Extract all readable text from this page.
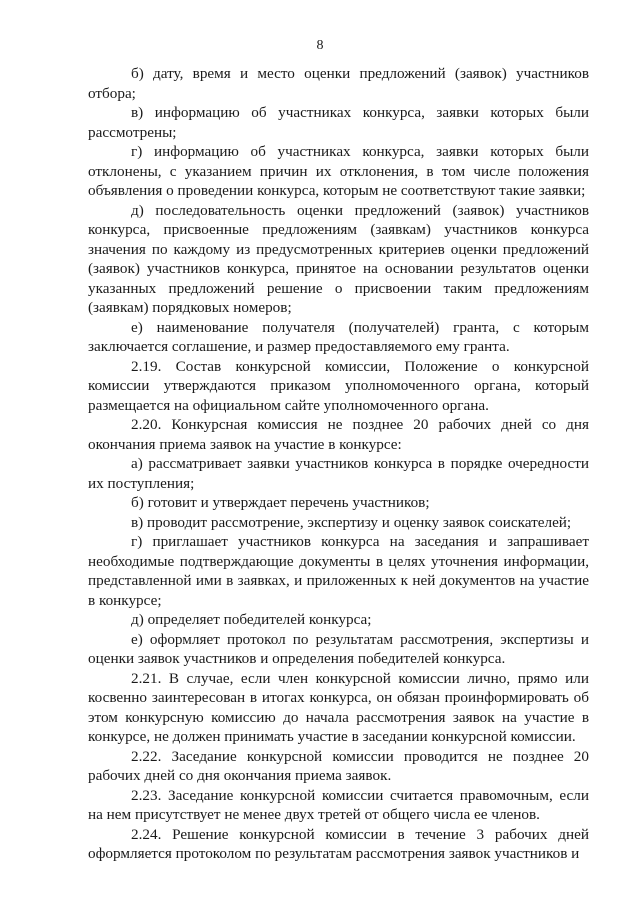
8

б) дату, время и место оценки предложений (заявок) участников отбора;

в) информацию об участниках конкурса, заявки которых были рассмотрены;

г) информацию об участниках конкурса, заявки которых были отклонены, с указанием причин их отклонения, в том числе положения объявления о проведении конкурса, которым не соответствуют такие заявки;

д) последовательность оценки предложений (заявок) участников конкурса, присвоенные предложениям (заявкам) участников конкурса значения по каждому из предусмотренных критериев оценки предложений (заявок) участников конкурса, принятое на основании результатов оценки указанных предложений решение о присвоении таким предложениям (заявкам) порядковых номеров;

е) наименование получателя (получателей) гранта, с которым заключается соглашение, и размер предоставляемого ему гранта.

2.19. Состав конкурсной комиссии, Положение о конкурсной комиссии утверждаются приказом уполномоченного органа, который размещается на официальном сайте уполномоченного органа.

2.20. Конкурсная комиссия не позднее 20 рабочих дней со дня окончания приема заявок на участие в конкурсе:

а) рассматривает заявки участников конкурса в порядке очередности их поступления;

б) готовит и утверждает перечень участников;

в) проводит рассмотрение, экспертизу и оценку заявок соискателей;

г) приглашает участников конкурса на заседания и запрашивает необходимые подтверждающие документы в целях уточнения информации, представленной ими в заявках, и приложенных к ней документов на участие в конкурсе;

д) определяет победителей конкурса;

е) оформляет протокол по результатам рассмотрения, экспертизы и оценки заявок участников и определения победителей конкурса.

2.21. В случае, если член конкурсной комиссии лично, прямо или косвенно заинтересован в итогах конкурса, он обязан проинформировать об этом конкурсную комиссию до начала рассмотрения заявок на участие в конкурсе, не должен принимать участие в заседании конкурсной комиссии.

2.22. Заседание конкурсной комиссии проводится не позднее 20 рабочих дней со дня окончания приема заявок.

2.23. Заседание конкурсной комиссии считается правомочным, если на нем присутствует не менее двух третей от общего числа ее членов.

2.24. Решение конкурсной комиссии в течение 3 рабочих дней оформляется протоколом по результатам рассмотрения заявок участников и
